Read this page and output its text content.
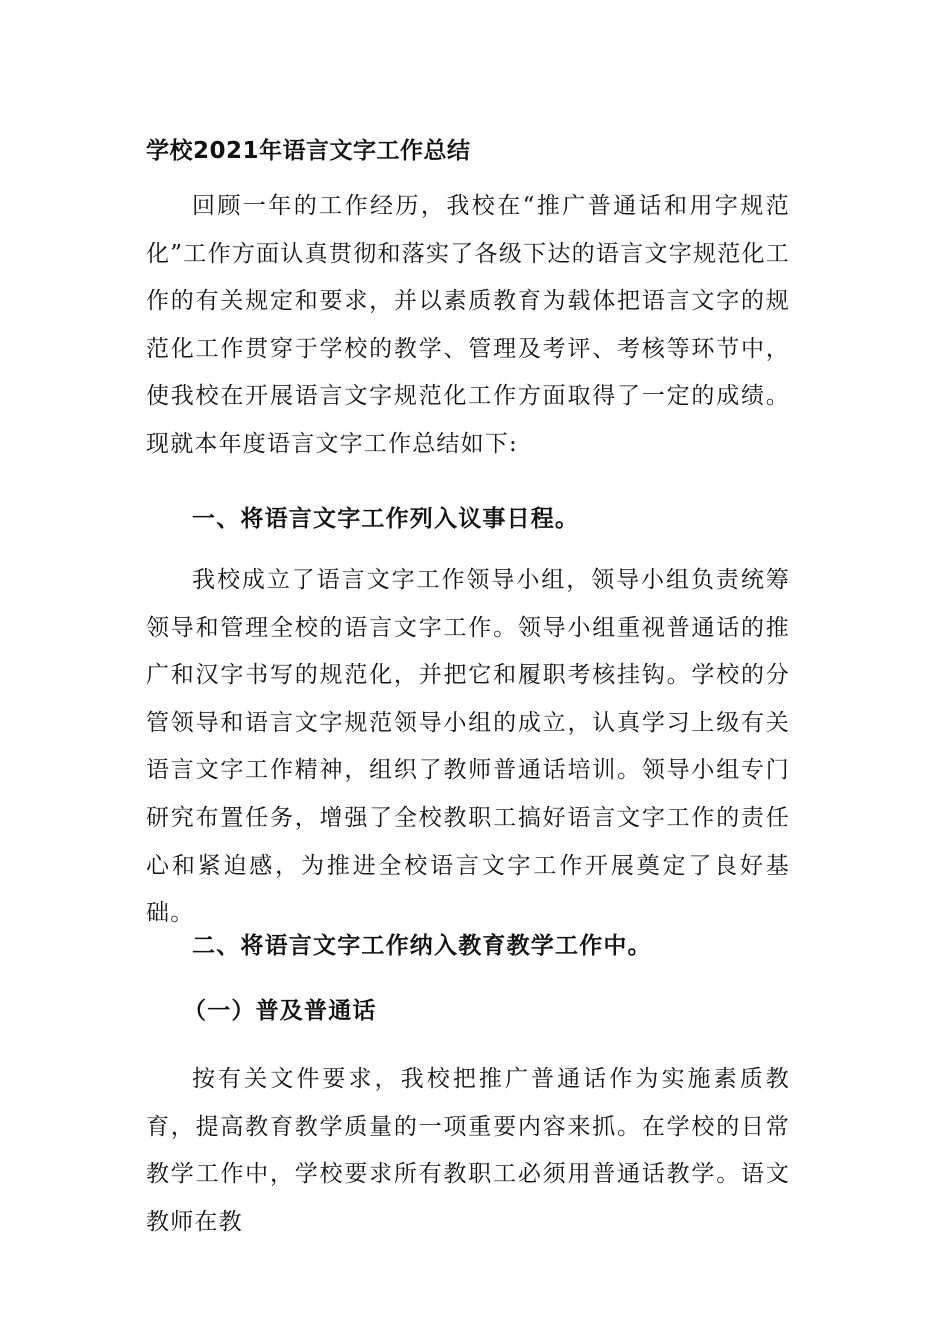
学校2021年语言文字工作总结

回顾一年的工作经历，我校在“推广普通话和用字规范化”工作方面认真贯彻和落实了各级下达的语言文字规范化工作的有关规定和要求，并以素质教育为载体把语言文字的规范化工作贯穿于学校的教学、管理及考评、考核等环节中，使我校在开展语言文字规范化工作方面取得了一定的成绩。现就本年度语言文字工作总结如下:

一、将语言文字工作列入议事日程。

我校成立了语言文字工作领导小组，领导小组负责统筹领导和管理全校的语言文字工作。领导小组重视普通话的推广和汉字书写的规范化，并把它和履职考核挂钩。学校的分管领导和语言文字规范领导小组的成立，认真学习上级有关语言文字工作精神，组织了教师普通话培训。领导小组专门研究布置任务，增强了全校教职工搞好语言文字工作的责任心和紧迫感，为推进全校语言文字工作开展奠定了良好基础。

二、将语言文字工作纳入教育教学工作中。
（一）普及普通话

按有关文件要求，我校把推广普通话作为实施素质教育，提高教育教学质量的一项重要内容来抓。在学校的日常教学工作中，学校要求所有教职工必须用普通话教学。语文教师在教
